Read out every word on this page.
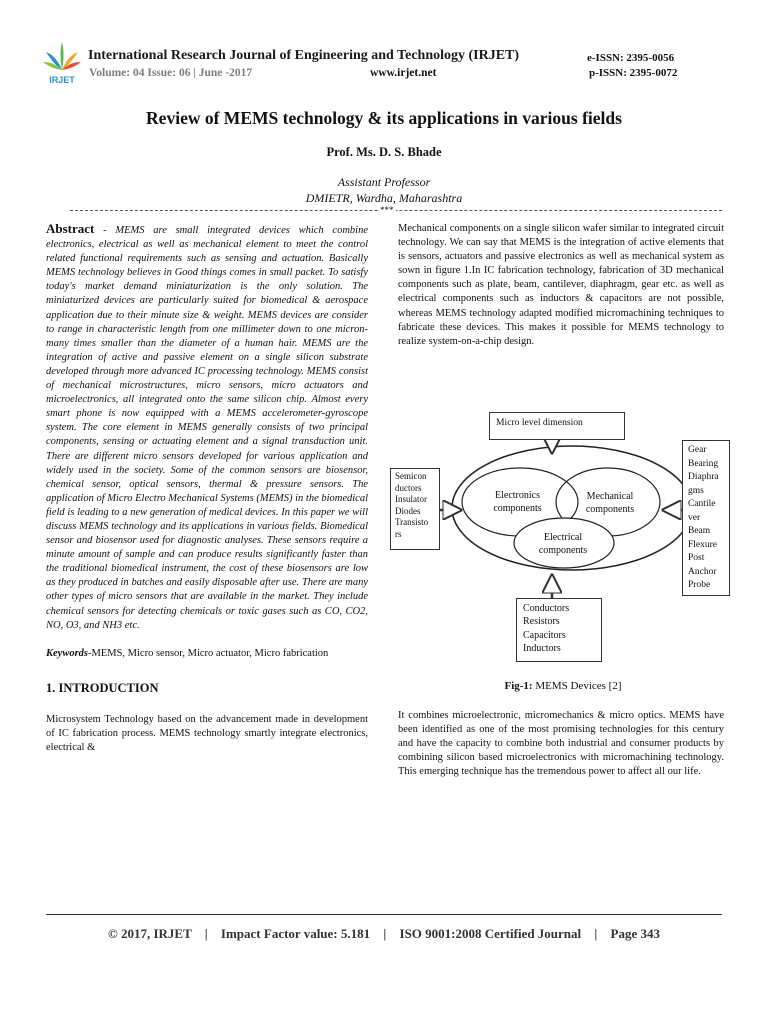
IRJET
International Research Journal of Engineering and Technology (IRJET)	e-ISSN: 2395-0056
Volume: 04 Issue: 06 | June -2017	www.irjet.net	p-ISSN: 2395-0072
Review of MEMS technology & its applications in various fields
Prof. Ms. D. S. Bhade
Assistant Professor
DMIETR, Wardha, Maharashtra
***

Abstract - MEMS are small integrated devices which combine electronics, electrical as well as mechanical element to meet the control related functional requirements such as sensing and actuation. Basically MEMS technology believes in Good things comes in small packet. To satisfy today's market demand miniaturization is the only solution. The miniaturized devices are particularly suited for biomedical & aerospace application due to their minute size & weight. MEMS devices are consider to range in characteristic length from one millimeter down to one micron-many times smaller than the diameter of a human hair. MEMS are the integration of active and passive element on a single silicon substrate developed through more advanced IC processing technology. MEMS consist of mechanical microstructures, micro sensors, micro actuators and microelectronics, all integrated onto the same silicon chip. Almost every smart phone is now equipped with a MEMS accelerometer-gyroscope system. The core element in MEMS generally consists of two principal components, sensing or actuating element and a signal transduction unit. There are different micro sensors developed for various application and widely used in the society. Some of the common sensors are biosensor, chemical sensor, optical sensors, thermal & pressure sensors. The application of Micro Electro Mechanical Systems (MEMS) in the biomedical field is leading to a new generation of medical devices. In this paper we will discuss MEMS technology and its applications in various fields. Biomedical sensor and biosensor used for diagnostic analyses. These sensors require a minute amount of sample and can produce results significantly faster than the traditional biomedical instrument, the cost of these biosensors are low as they produced in batches and easily disposable after use. There are many other types of micro sensors that are available in the market. They include chemical sensors for detecting chemicals or toxic gases such as CO, CO2, NO, O3, and NH3 etc.

Keywords-MEMS, Micro sensor, Micro actuator, Micro fabrication
1. INTRODUCTION
Microsystem Technology based on the advancement made in development of IC fabrication process. MEMS technology smartly integrate electronics, electrical &
Mechanical components on a single silicon wafer similar to integrated circuit technology. We can say that MEMS is the integration of active elements that is sensors, actuators and passive electronics as well as mechanical system as sown in figure 1.In IC fabrication technology, fabrication of 3D mechanical components such as plate, beam, cantilever, diaphragm, gear etc. as well as electrical components such as inductors & capacitors are not possible, whereas MEMS technology adapted modified micromachining techniques to fabricate these devices. This makes it possible for MEMS technology to realize system-on-a-chip design.
Micro level dimension
Semicon
ductors
Insulator
Diodes
Transisto
rs
Gear
Bearing
Diaphra
gms
Cantile
ver
Beam
Flexure
Post
Anchor
Probe
Conductors
Resistors
Capacitors
Inductors
Electronics
components
Mechanical
components
Electrical
components
Fig-1: MEMS Devices [2]
It combines microelectronic, micromechanics & micro optics. MEMS have been identified as one of the most promising technologies for this century and have the capacity to combine both industrial and consumer products by combining silicon based microelectronics with micromachining technology. This emerging technique has the tremendous power to affect all our life.
© 2017, IRJET | Impact Factor value: 5.181 | ISO 9001:2008 Certified Journal | Page 343
